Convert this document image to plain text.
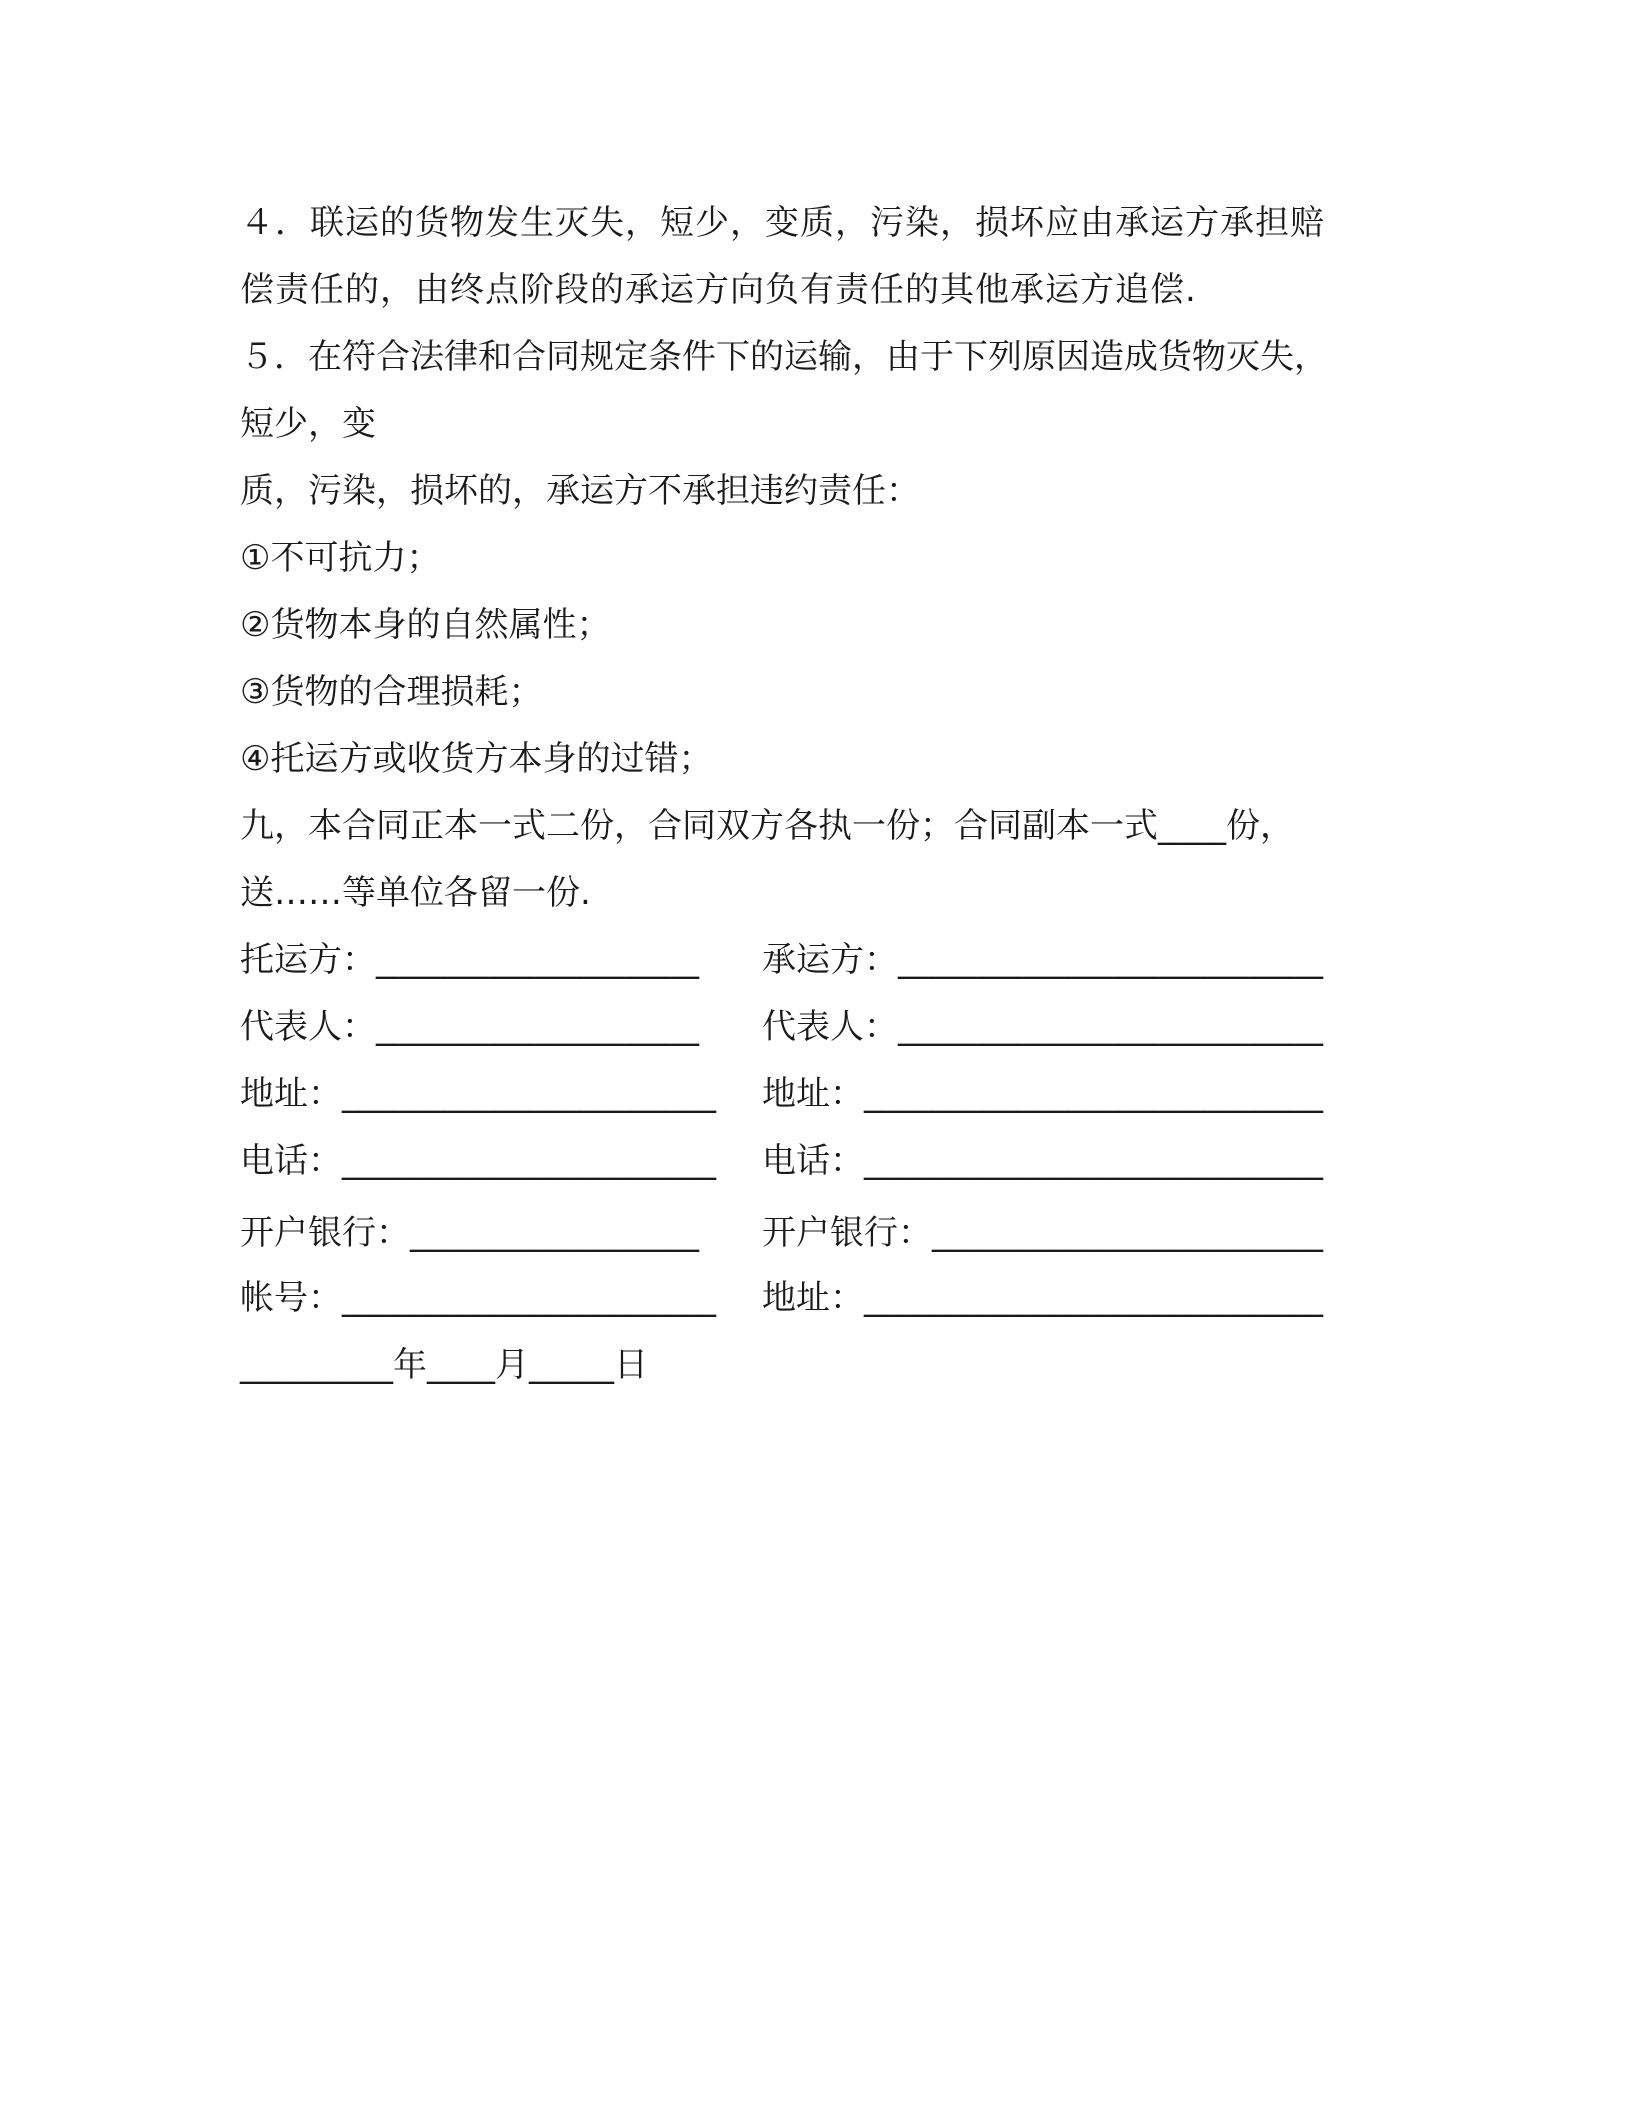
４．联运的货物发生灭失，短少，变质，污染，损坏应由承运方承担赔
偿责任的，由终点阶段的承运方向负有责任的其他承运方追偿.
５．在符合法律和合同规定条件下的运输，由于下列原因造成货物灭失，
短少，变
质，污染，损坏的，承运方不承担违约责任：
①不可抗力；
②货物本身的自然属性；
③货物的合理损耗；
④托运方或收货方本身的过错；
九，本合同正本一式二份，合同双方各执一份；合同副本一式____份，
送……等单位各留一份.
托运方：___________________	承运方：_________________________
代表人：___________________	代表人：_________________________
地址：______________________	地址：___________________________
电话：______________________	电话：___________________________
开户银行：_________________	开户银行：_______________________
帐号：______________________	地址：___________________________
_________年____月_____日
